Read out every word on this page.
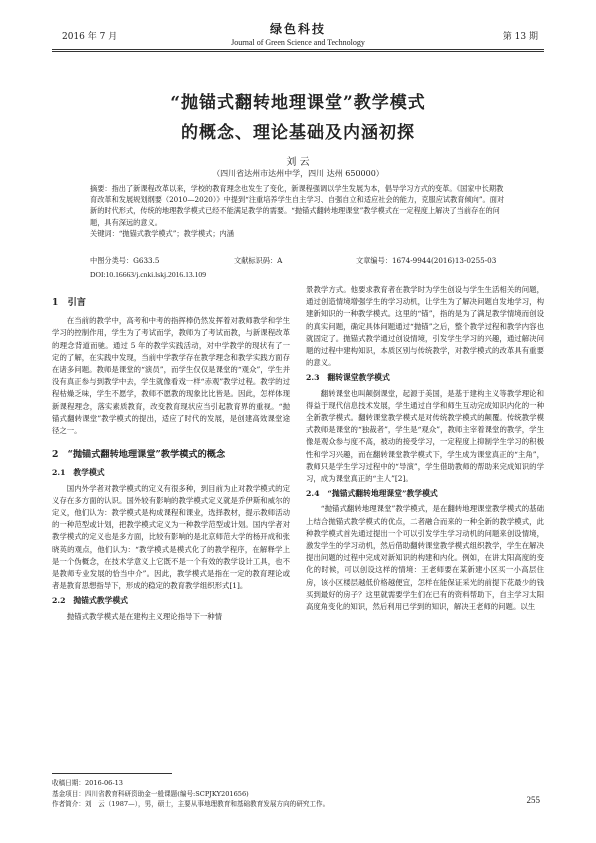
2016 年 7 月
绿色科技
Journal of Green Science and Technology
第 13 期
“抛锚式翻转地理课堂”教学模式
的概念、理论基础及内涵初探
刘 云
（四川省达州市达州中学，四川 达州 650000）
摘要：指出了新课程改革以来，学校的教育理念也发生了变化，新课程强调以学生发展为本，倡导学习方式的变革。《国家中长期教育改革和发展规划纲要（2010—2020）》中提到“注重培养学生自主学习、自强自立和适应社会的能力，克服应试教育倾向”。面对新的时代形式，传统的地理教学模式已经不能满足教学的需要。“抛锚式翻转地理课堂”教学模式在一定程度上解决了当前存在的问题，具有深远的意义。
关键词：“抛锚式教学模式”；教学模式；内涵
中图分类号：G633.5	文献标识码：A	文章编号：1674-9944(2016)13-0255-03
DOI:10.16663/j.cnki.lskj.2016.13.109
1　引言

在当前的教学中，高考和中考的指挥棒仍然发挥着对教师教学和学生学习的控制作用，学生为了考试而学，教师为了考试而教，与新课程改革的理念背道而驰。通过 5 年的教学实践活动，对中学教学的现状有了一定的了解，在实践中发现，当前中学教学存在教学理念和教学实践方面存在诸多问题。教师是课堂的“演员”，而学生仅仅是课堂的“观众”，学生并没有真正参与到教学中去，学生就像看戏一样“赤观”教学过程。教学的过程枯燥乏味，学生不愿学，教师不愿教的现象比比皆是。因此，怎样体现新课程理念，落实素质教育，改变教育现状应当引起教育界的重视。“抛锚式翻转课堂”教学模式的提出，适应了时代的发展，是创建高效课堂途径之一。

2　“抛锚式翻转地理课堂”教学模式的概念
2.1　教学模式

国内外学者对教学模式的定义有很多种，到目前为止对教学模式的定义存在多方面的认识。国外较有影响的教学模式定义就是乔伊斯和威尔的定义，他们认为：教学模式是构成课程和课业，选择教材，提示教师活动的一种范型或计划，把教学模式定义为一种教学范型或计划。国内学者对教学模式的定义也是多方面，比较有影响的是北京师范大学的杨开成和张晓英的观点，他们认为：“教学模式是模式化了的教学程序，在解释学上是一个伪概念，在技术学意义上它既不是一个有效的教学设计工具，也不是教师专业发展的恰当中介”。因此，教学模式是指在一定的教育理论或者是教育思想指导下，形成的稳定的教育教学组织形式[1]。

2.2　抛锚式教学模式

抛锚式教学模式是在建构主义理论指导下一种情

景教学方式。他要求教育者在教学时为学生创设与学生生活相关的问题，通过创造情境增强学生的学习动机，让学生为了解决问题自发地学习，构建新知识的一种教学模式。这里的“锚”，指的是为了满足教学情境而创设的真实问题，确定具体问题通过“抛锚”之后，整个教学过程和教学内容也就固定了。抛锚式教学通过创设情境，引发学生学习的兴趣，通过解决问题的过程中建构知识，本质区别与传统教学，对教学模式的改革具有重要的意义。

2.3　翻转课堂教学模式

翻转课堂也叫颠倒课堂，起源于美国，是基于建构主义等教学理论和得益于现代信息技术发展，学生通过自学和师生互动完成知识内化的一种全新教学模式。翻转课堂教学模式是对传统教学模式的颠覆。传统教学模式教师是课堂的“独裁者”，学生是“观众”，教师主宰着课堂的教学，学生像是观众参与度不高，被动的接受学习，一定程度上抑制学生学习的积极性和学习兴趣，而在翻转课堂教学模式下，学生成为课堂真正的“主角”，教师只是学生学习过程中的“导演”，学生借助教师的帮助来完成知识的学习，成为课堂真正的“主人”[2]。

2.4　“抛锚式翻转地理课堂”教学模式

“抛锚式翻转地理课堂”教学模式，是在翻转地理课堂教学模式的基础上结合抛锚式教学模式的优点，二者融合而来的一种全新的教学模式，此种教学模式首先通过提出一个可以引发学生学习动机的问题来创设情境，激发学生的学习动机，然后借助翻转课堂教学模式组织教学，学生在解决提出问题的过程中完成对新知识的构建和内化。例如，在讲太阳高度的变化的时候，可以创设这样的情境：王老师要在某新建小区买一小高层住房，该小区楼层越低价格越便宜，怎样在能保证采光的前提下花最少的钱买到最好的房子？这里就需要学生们在已有的资料帮助下，自主学习太阳高度角变化的知识，然后利用已学到的知识，解决王老师的问题。以生

收稿日期：2016-06-13
基金项目：四川省教育科研资助金一般课题(编号:SCPJKY201656)
作者简介：刘　云（1987—），男，硕士，主要从事地理教育和基础教育发展方向的研究工作。	255
